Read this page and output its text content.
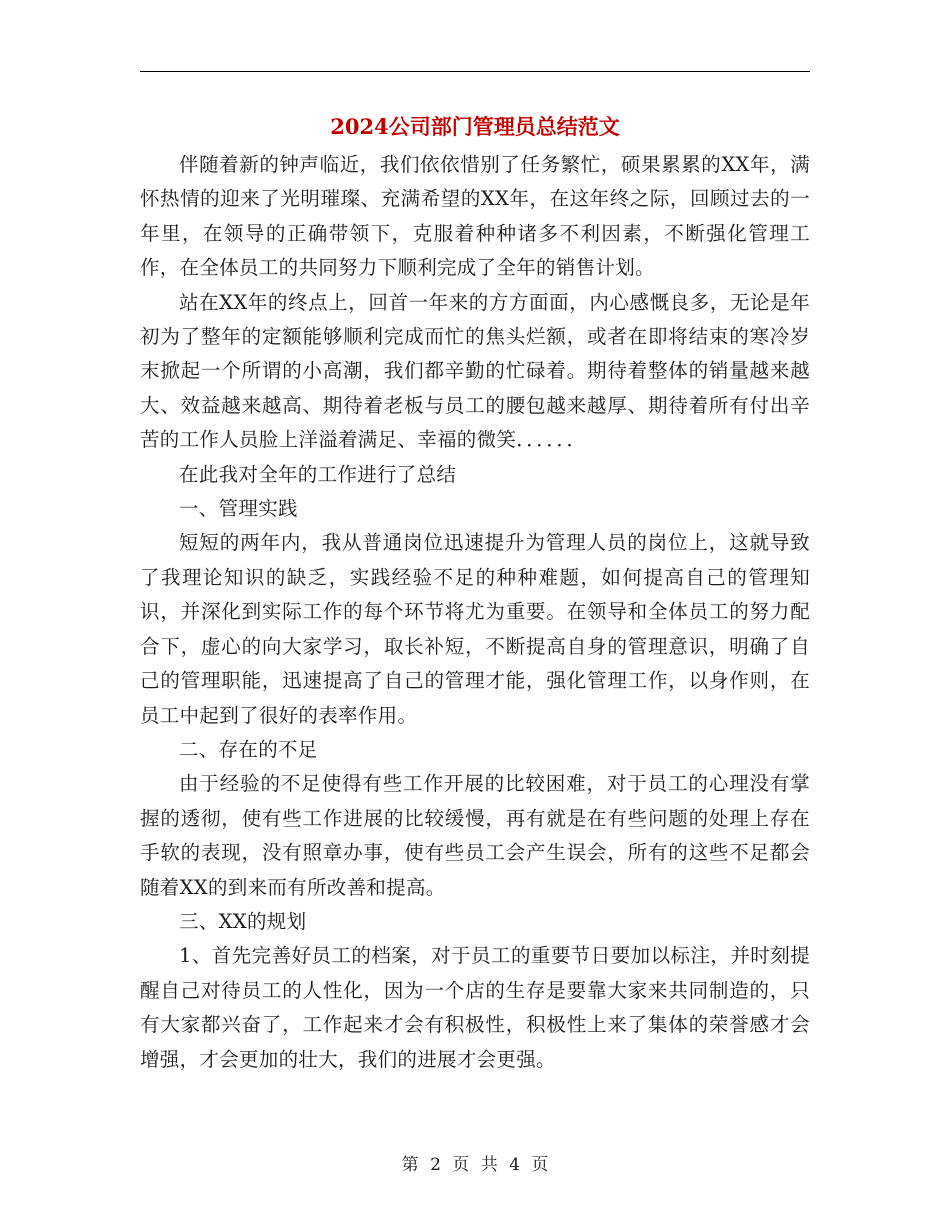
2024公司部门管理员总结范文

伴随着新的钟声临近，我们依依惜别了任务繁忙，硕果累累的XX年，满怀热情的迎来了光明璀璨、充满希望的XX年，在这年终之际，回顾过去的一年里，在领导的正确带领下，克服着种种诸多不利因素，不断强化管理工作，在全体员工的共同努力下顺利完成了全年的销售计划。

站在XX年的终点上，回首一年来的方方面面，内心感慨良多，无论是年初为了整年的定额能够顺利完成而忙的焦头烂额，或者在即将结束的寒冷岁末掀起一个所谓的小高潮，我们都辛勤的忙碌着。期待着整体的销量越来越大、效益越来越高、期待着老板与员工的腰包越来越厚、期待着所有付出辛苦的工作人员脸上洋溢着满足、幸福的微笑．．．．．．

在此我对全年的工作进行了总结

一、管理实践

短短的两年内，我从普通岗位迅速提升为管理人员的岗位上，这就导致了我理论知识的缺乏，实践经验不足的种种难题，如何提高自己的管理知识，并深化到实际工作的每个环节将尤为重要。在领导和全体员工的努力配合下，虚心的向大家学习，取长补短，不断提高自身的管理意识，明确了自己的管理职能，迅速提高了自己的管理才能，强化管理工作，以身作则，在员工中起到了很好的表率作用。

二、存在的不足

由于经验的不足使得有些工作开展的比较困难，对于员工的心理没有掌握的透彻，使有些工作进展的比较缓慢，再有就是在有些问题的处理上存在手软的表现，没有照章办事，使有些员工会产生误会，所有的这些不足都会随着XX的到来而有所改善和提高。

三、XX的规划

1、首先完善好员工的档案，对于员工的重要节日要加以标注，并时刻提醒自己对待员工的人性化，因为一个店的生存是要靠大家来共同制造的，只有大家都兴奋了，工作起来才会有积极性，积极性上来了集体的荣誉感才会增强，才会更加的壮大，我们的进展才会更强。

第 2 页 共 4 页
